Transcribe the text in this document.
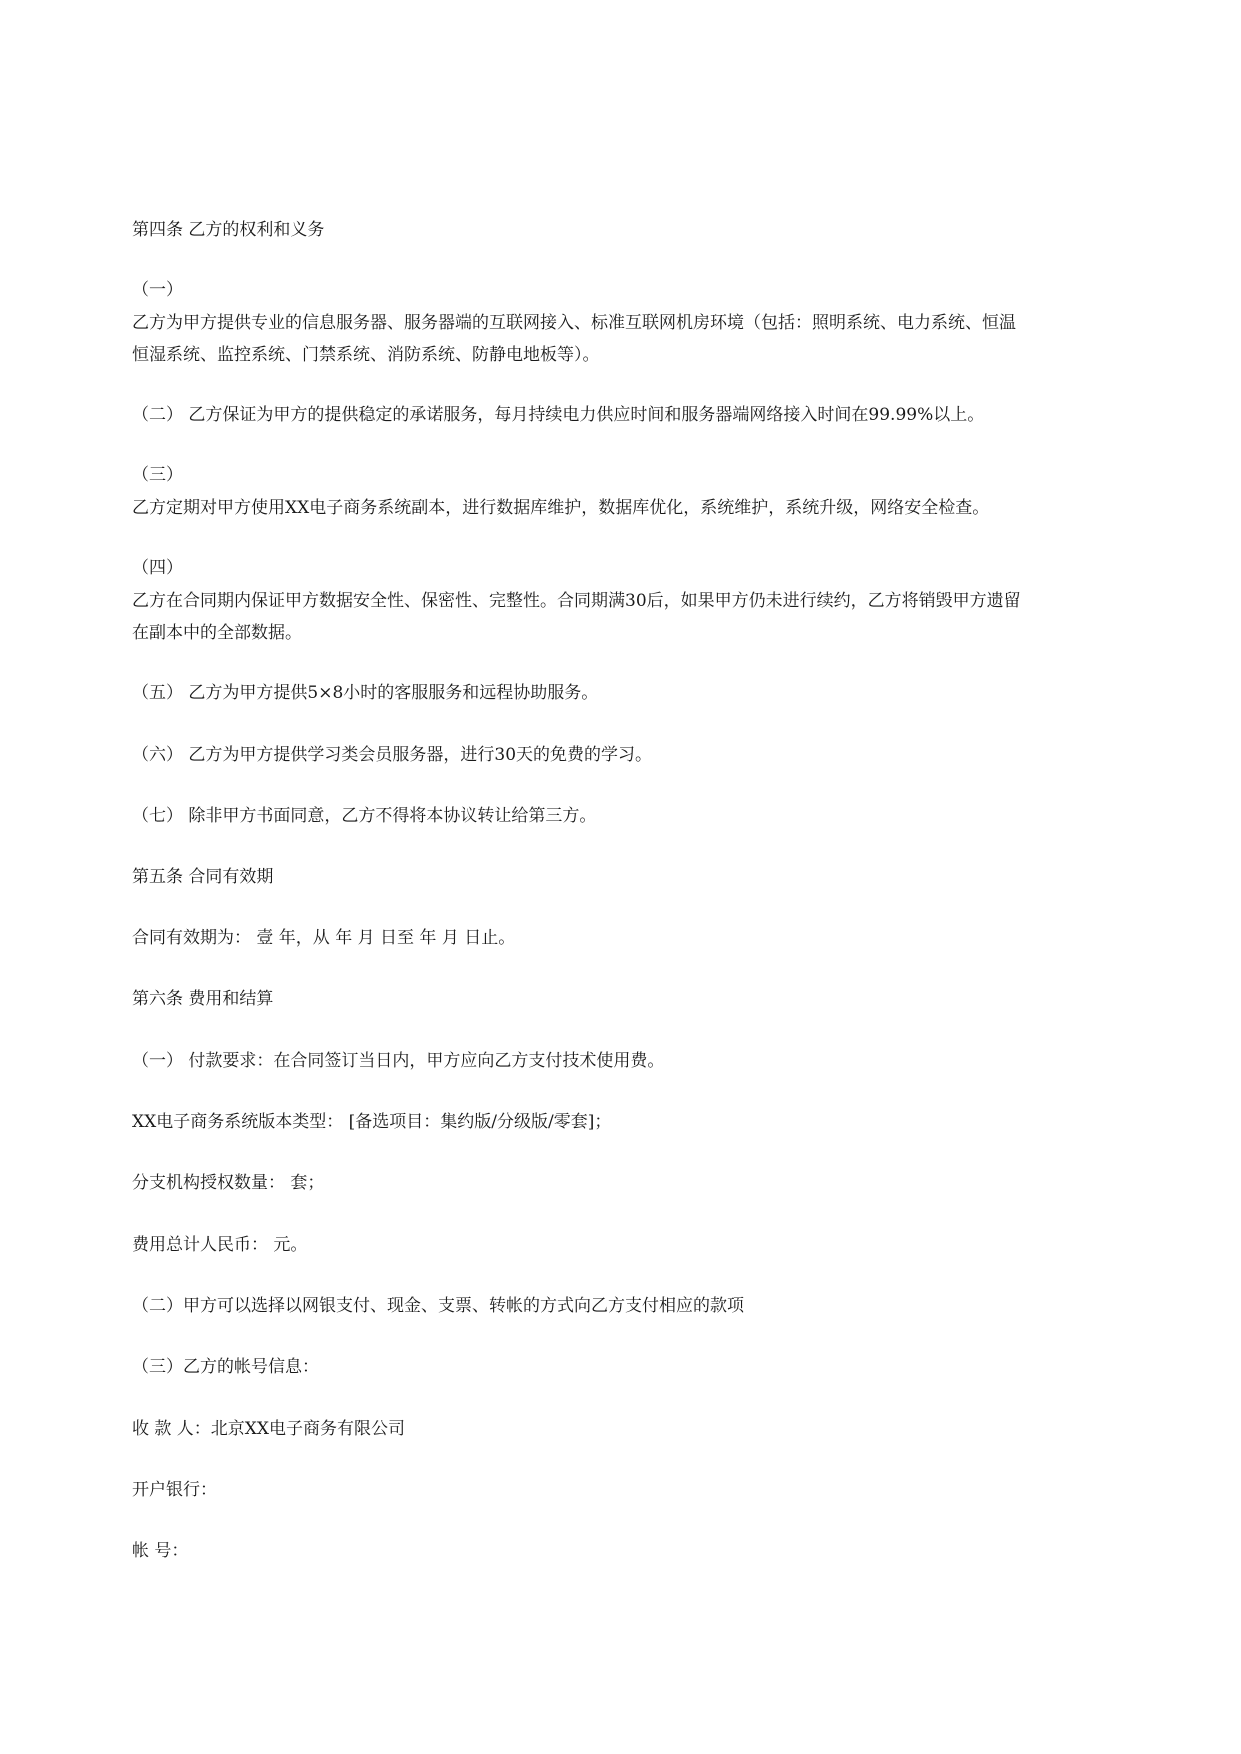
第四条 乙方的权利和义务
（一）
乙方为甲方提供专业的信息服务器、服务器端的互联网接入、标准互联网机房环境（包括：照明系统、电力系统、恒温
恒湿系统、监控系统、门禁系统、消防系统、防静电地板等）。
（二） 乙方保证为甲方的提供稳定的承诺服务，每月持续电力供应时间和服务器端网络接入时间在99.99%以上。
（三）
乙方定期对甲方使用XX电子商务系统副本，进行数据库维护，数据库优化，系统维护，系统升级，网络安全检查。
（四）
乙方在合同期内保证甲方数据安全性、保密性、完整性。合同期满30后，如果甲方仍未进行续约，乙方将销毁甲方遗留
在副本中的全部数据。
（五） 乙方为甲方提供5×8小时的客服服务和远程协助服务。
（六） 乙方为甲方提供学习类会员服务器，进行30天的免费的学习。
（七） 除非甲方书面同意，乙方不得将本协议转让给第三方。
第五条 合同有效期
合同有效期为： 壹 年，从 年 月 日至 年 月 日止。
第六条 费用和结算
（一） 付款要求：在合同签订当日内，甲方应向乙方支付技术使用费。
XX电子商务系统版本类型： [备选项目：集约版/分级版/零套]；
分支机构授权数量： 套；
费用总计人民币： 元。
（二）甲方可以选择以网银支付、现金、支票、转帐的方式向乙方支付相应的款项
（三）乙方的帐号信息：
收 款 人：北京XX电子商务有限公司
开户银行：
帐 号：
